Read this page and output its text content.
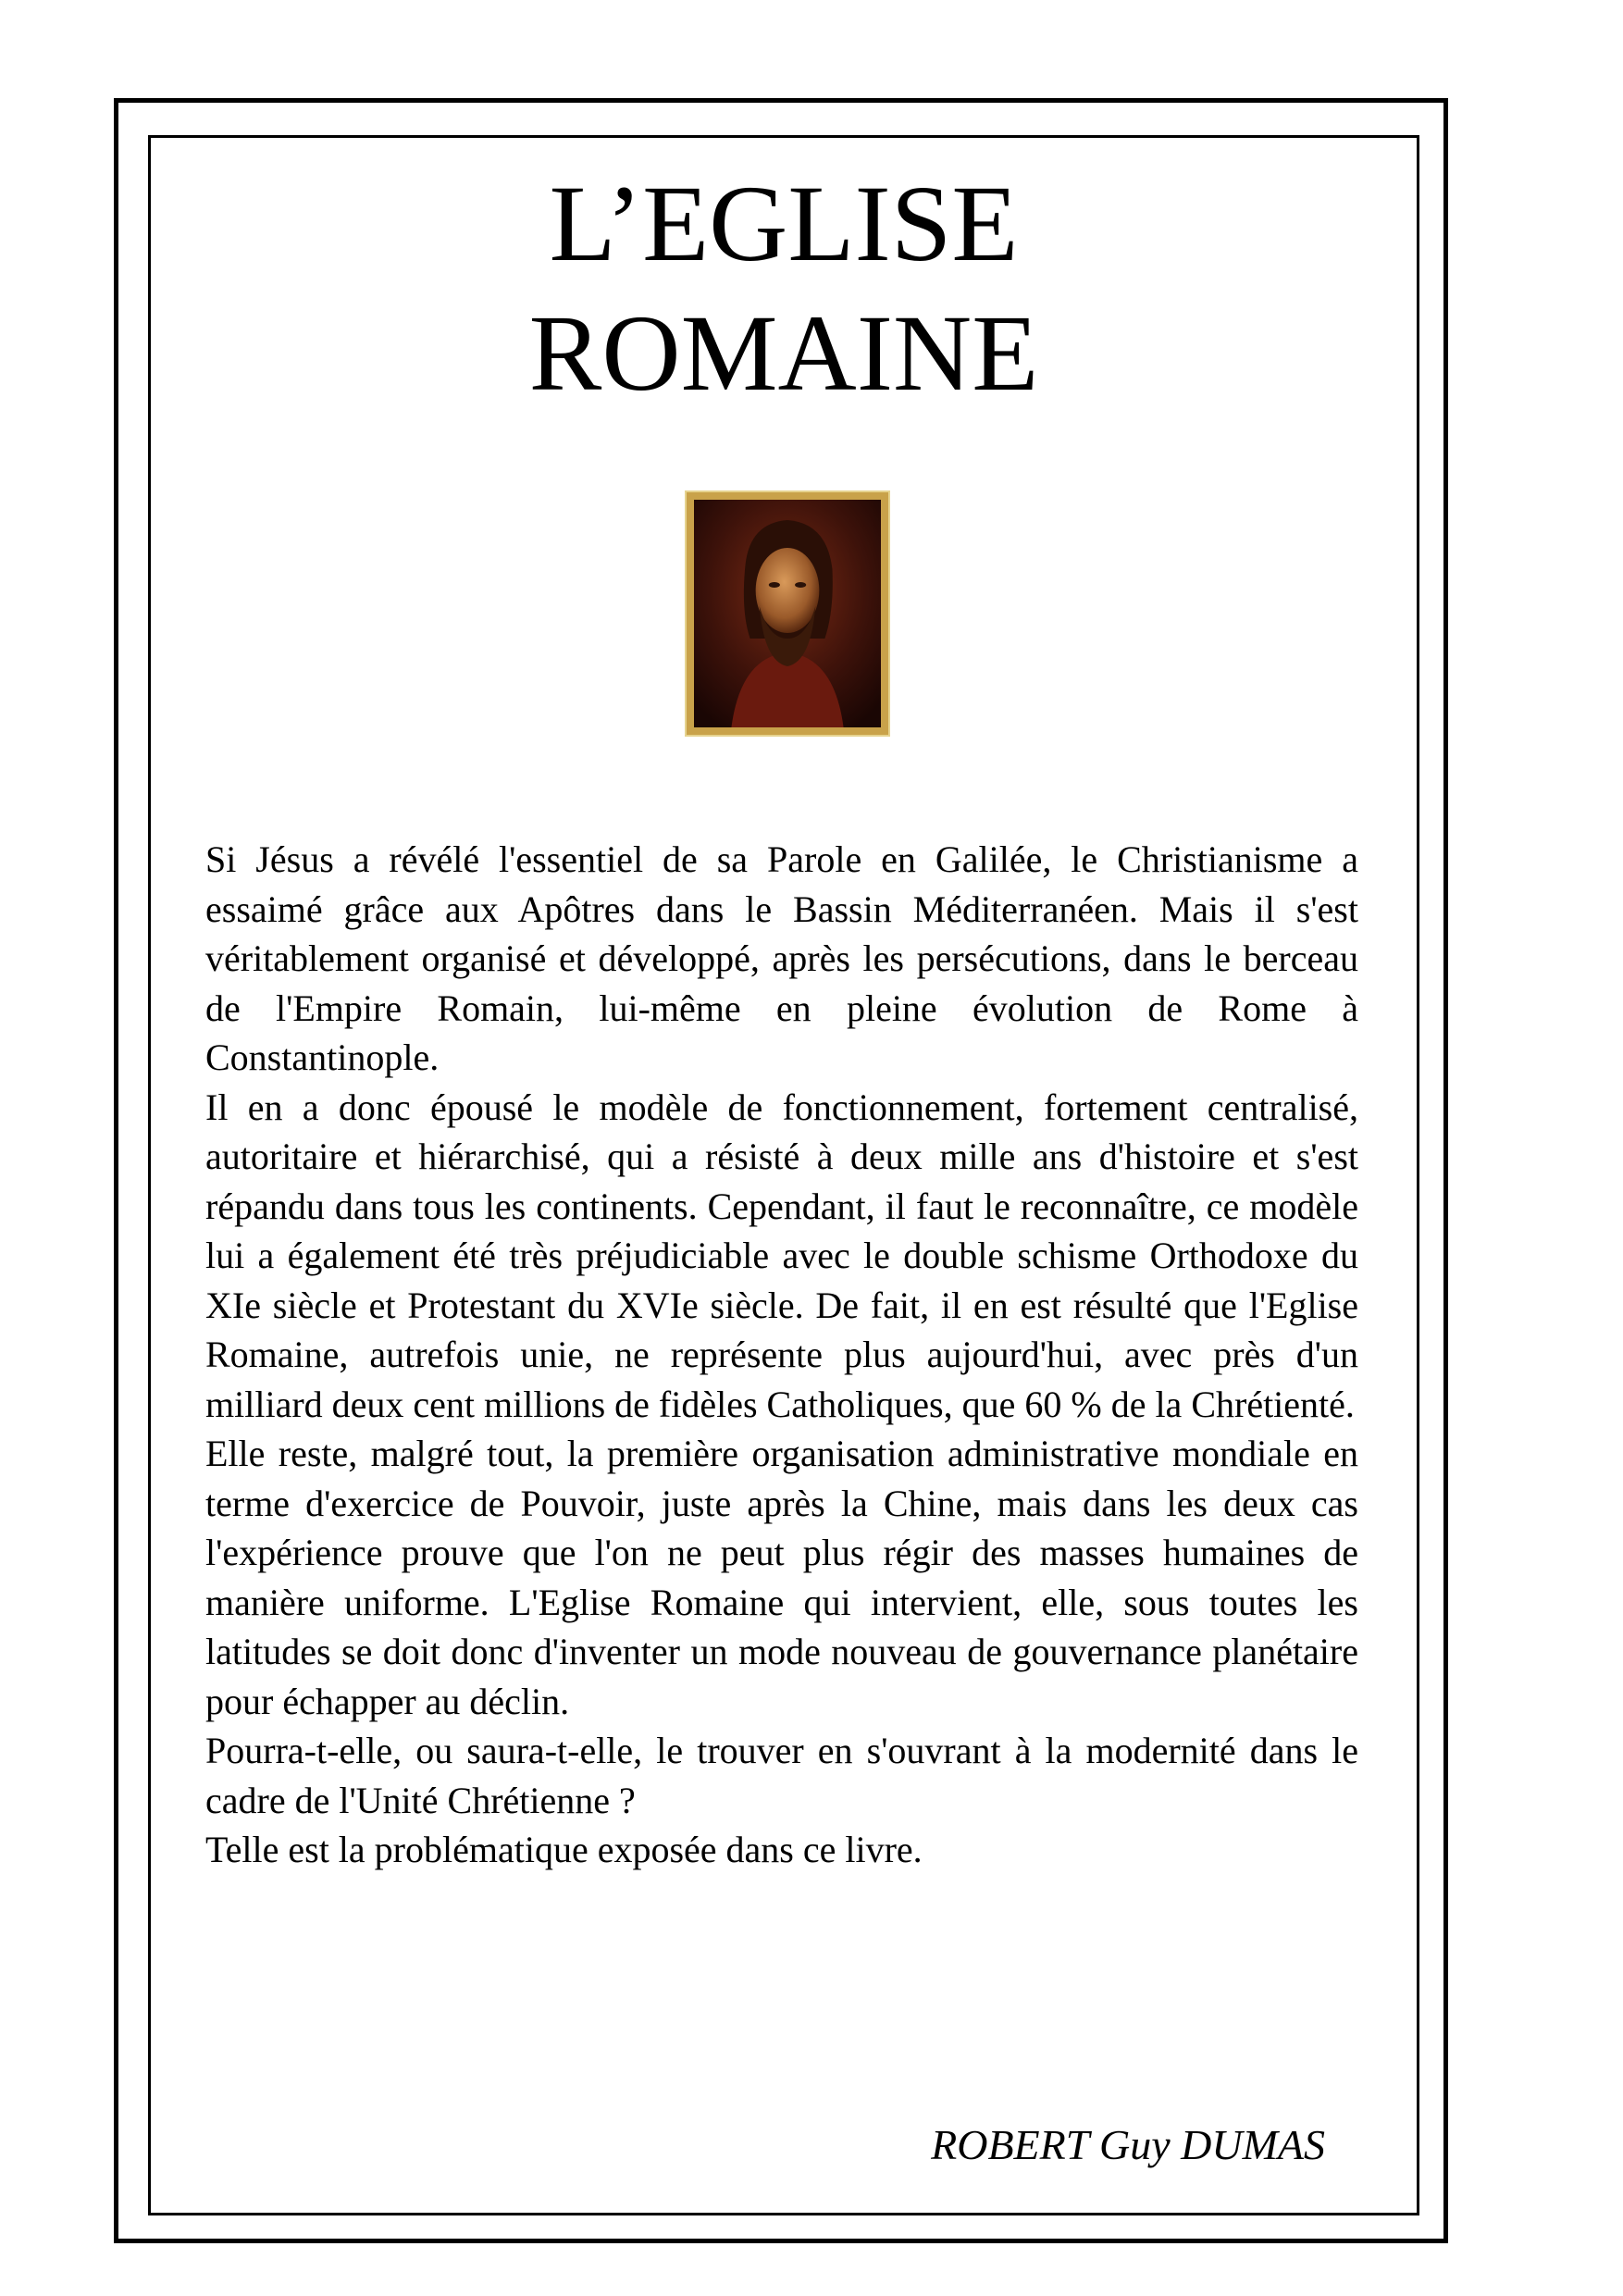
L’EGLISE
ROMAINE

Si Jésus a révélé l'essentiel de sa Parole en Galilée, le Christianisme a essaimé grâce aux Apôtres dans le Bassin Méditerranéen. Mais il s'est véritablement organisé et développé, après les persécutions, dans le berceau de l'Empire Romain, lui-même en pleine évolution de Rome à Constantinople.

Il en a donc épousé le modèle de fonctionnement, fortement centralisé, autoritaire et hiérarchisé, qui a résisté à deux mille ans d'histoire et s'est répandu dans tous les continents. Cependant, il faut le reconnaître, ce modèle lui a également été très préjudiciable avec le double schisme Orthodoxe du XIe siècle et Protestant du XVIe siècle. De fait, il en est résulté que l'Eglise Romaine, autrefois unie, ne représente plus aujourd'hui, avec près d'un milliard deux cent millions de fidèles Catholiques, que 60 % de la Chrétienté.

Elle reste, malgré tout, la première organisation administrative mondiale en terme d'exercice de Pouvoir, juste après la Chine, mais dans les deux cas l'expérience prouve que l'on ne peut plus régir des masses humaines de manière uniforme. L'Eglise Romaine qui intervient, elle, sous toutes les latitudes se doit donc d'inventer un mode nouveau de gouvernance planétaire pour échapper au déclin.

Pourra-t-elle, ou saura-t-elle, le trouver en s'ouvrant à la modernité dans le cadre de l'Unité Chrétienne ?

Telle est la problématique exposée dans ce livre.

ROBERT Guy DUMAS
